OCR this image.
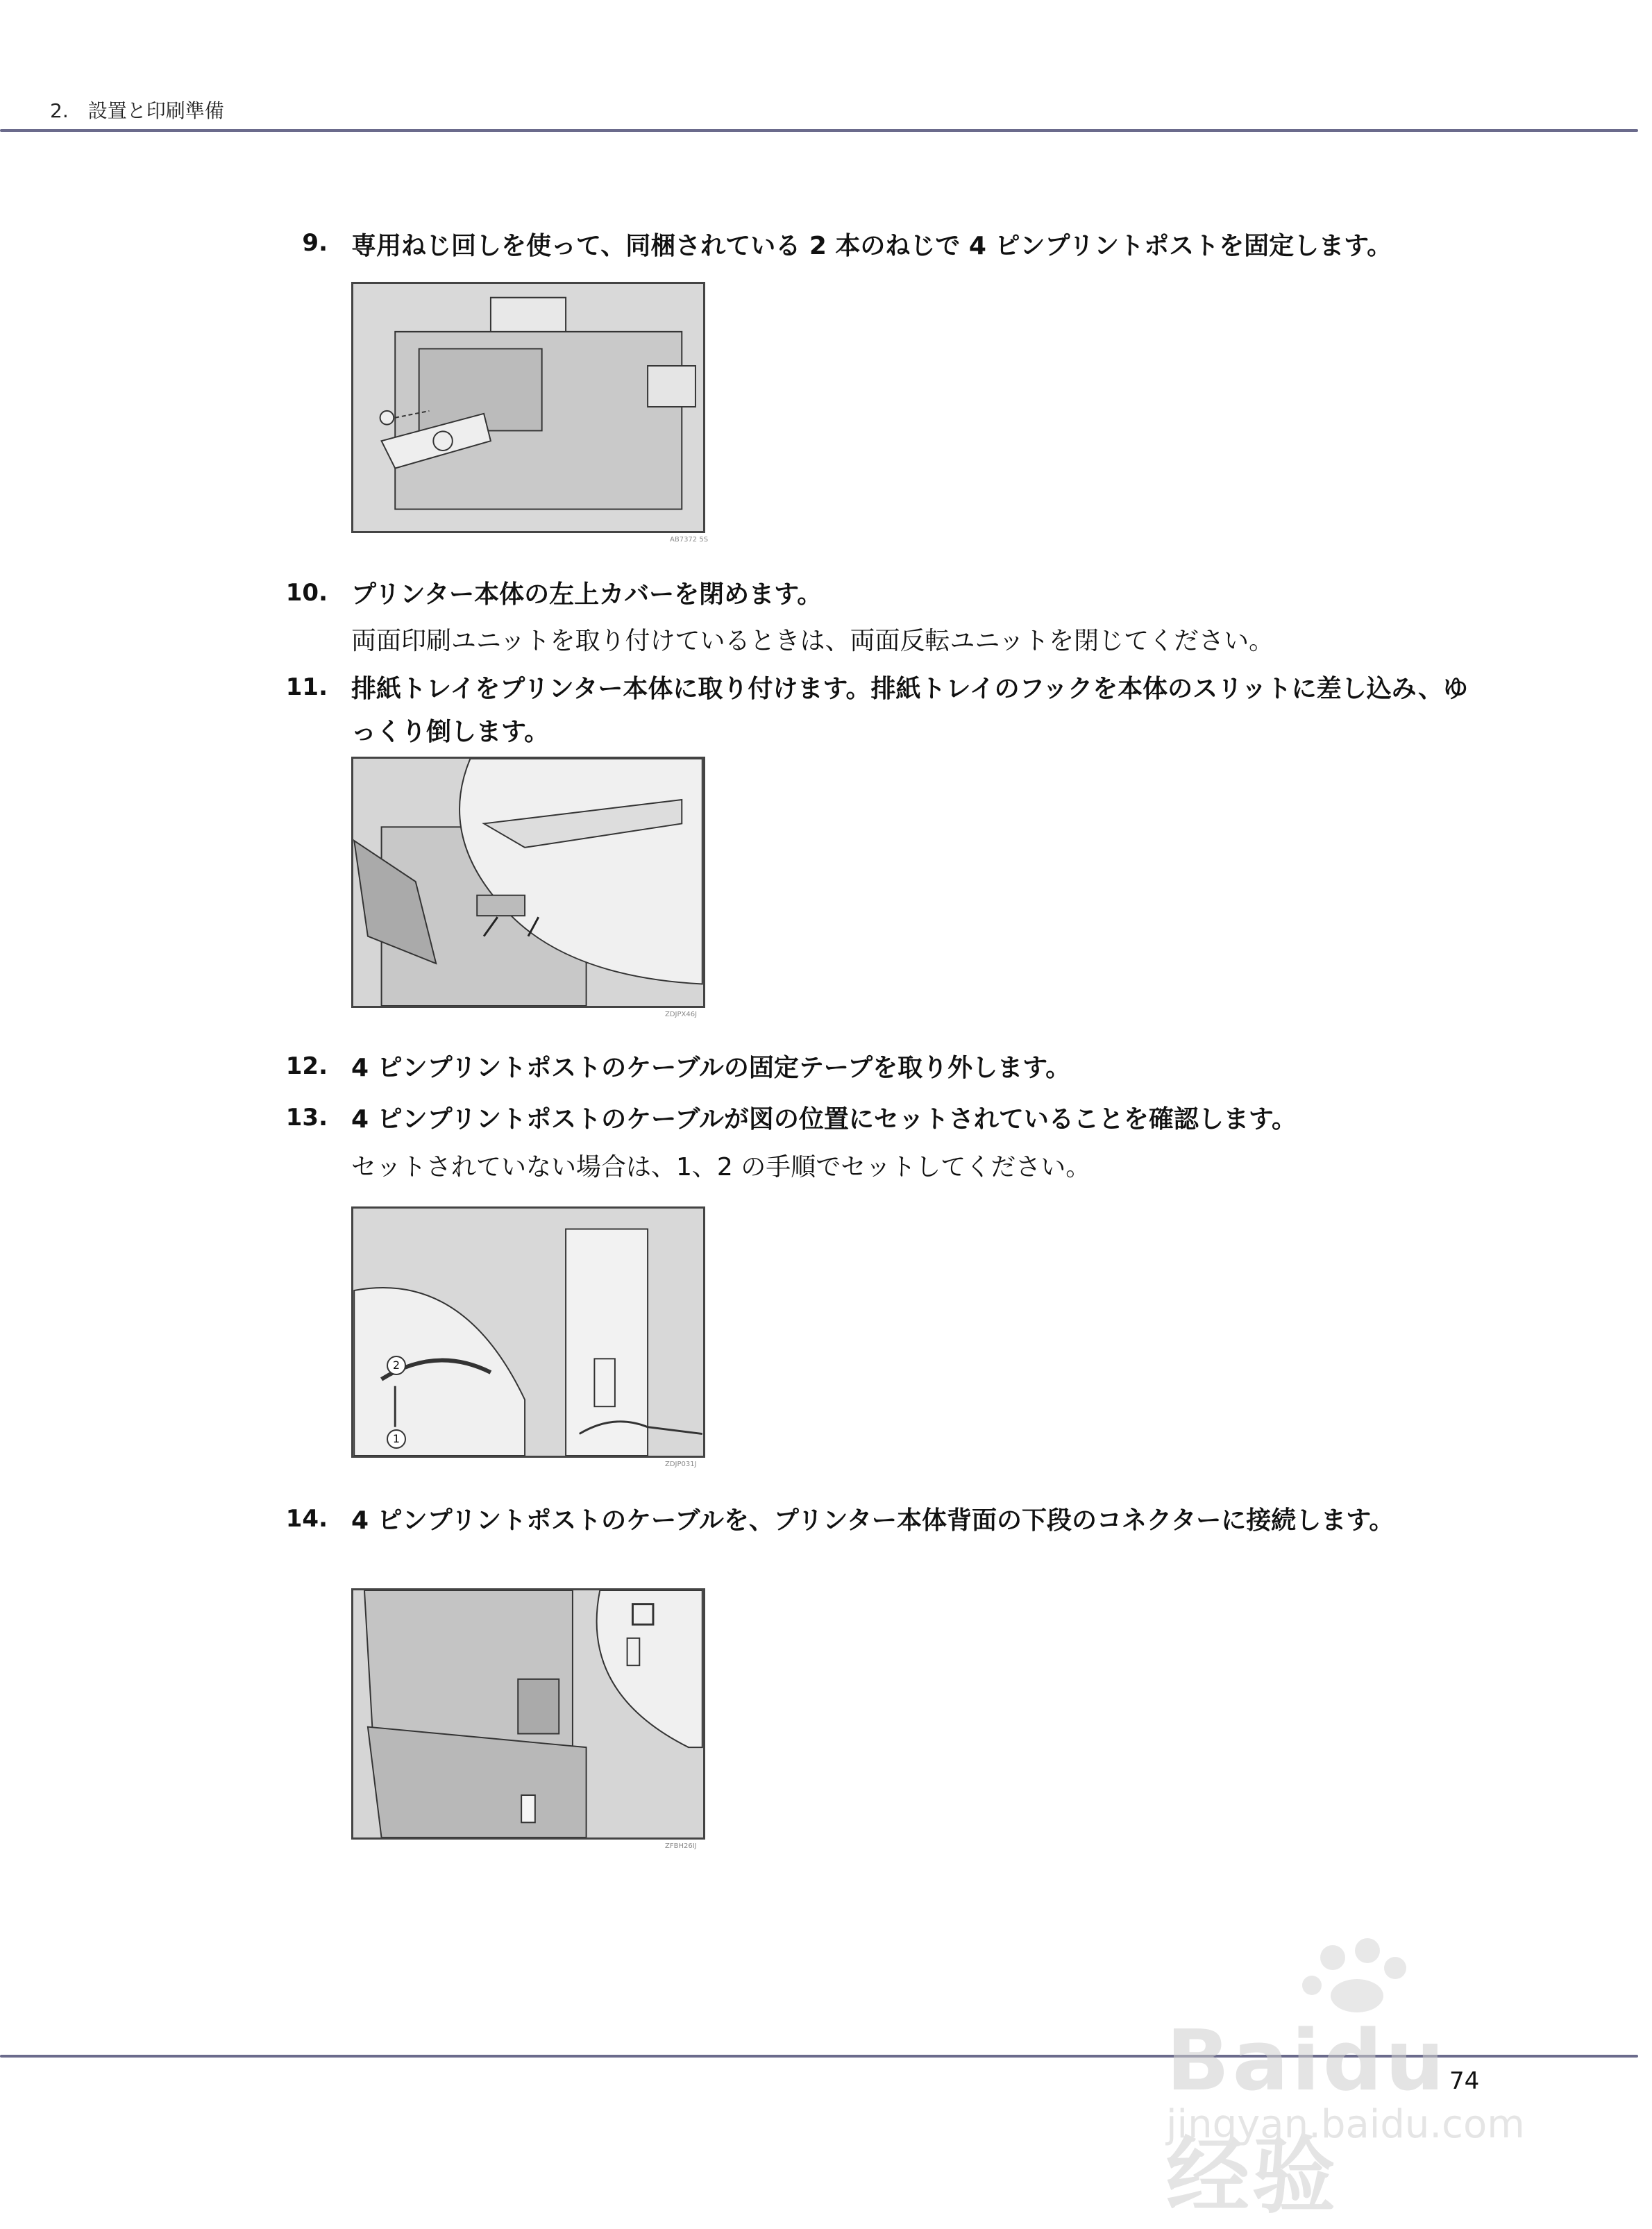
2.　設置と印刷準備
9. 専用ねじ回しを使って、同梱されている 2 本のねじで 4 ピンプリントポストを固定します。
AB7372 5S
10. プリンター本体の左上カバーを閉めます。
両面印刷ユニットを取り付けているときは、両面反転ユニットを閉じてください。
11. 排紙トレイをプリンター本体に取り付けます。排紙トレイのフックを本体のスリットに差し込み、ゆっくり倒します。
ZDJPX46J
12. 4 ピンプリントポストのケーブルの固定テープを取り外します。
13. 4 ピンプリントポストのケーブルが図の位置にセットされていることを確認します。
セットされていない場合は、1、2 の手順でセットしてください。
2
1
ZDJP031J
14. 4 ピンプリントポストのケーブルを、プリンター本体背面の下段のコネクターに接続します。
ZFBH26IJ
74
Baidu 经验
jingyan.baidu.com
